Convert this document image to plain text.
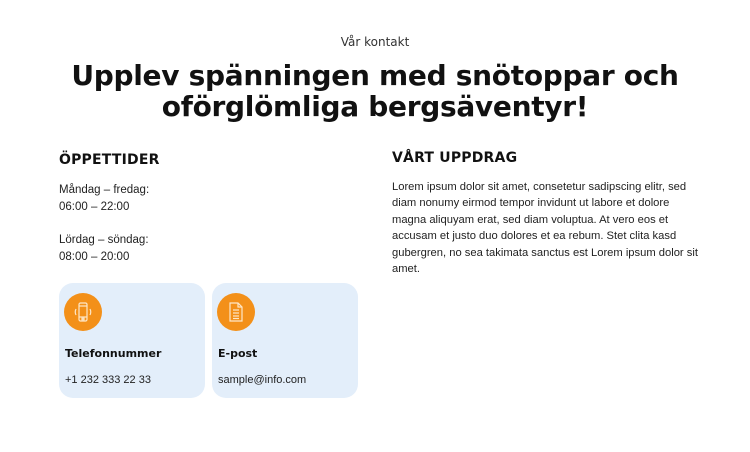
Vår kontakt
Upplev spänningen med snötoppar och oförglömliga bergsäventyr!
ÖPPETTIDER
Måndag – fredag:
06:00 – 22:00
Lördag – söndag:
08:00 – 20:00
VÅRT UPPDRAG
Lorem ipsum dolor sit amet, consetetur sadipscing elitr, sed diam nonumy eirmod tempor invidunt ut labore et dolore magna aliquyam erat, sed diam voluptua. At vero eos et accusam et justo duo dolores et ea rebum. Stet clita kasd gubergren, no sea takimata sanctus est Lorem ipsum dolor sit amet.
Telefonnummer
+1 232 333 22 33
E-post
sample@info.com
